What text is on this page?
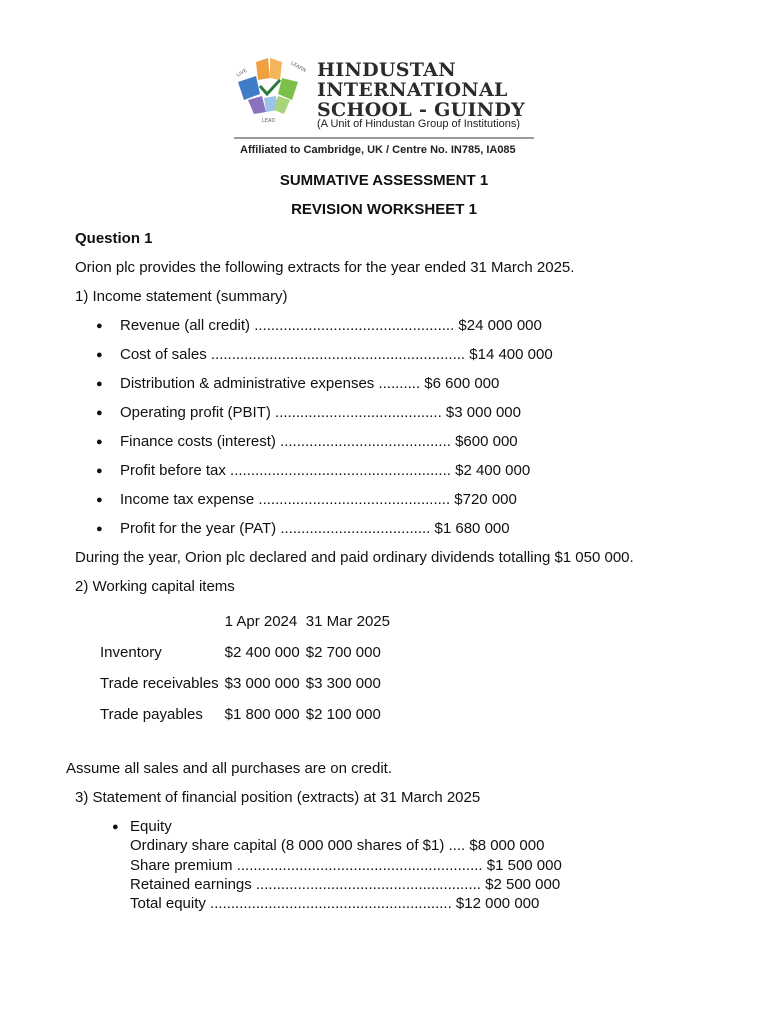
LIVE	LEARN
LEAD
HINDUSTAN
INTERNATIONAL
SCHOOL - GUINDY
(A Unit of Hindustan Group of Institutions)
Affiliated to Cambridge, UK / Centre No. IN785, IA085
SUMMATIVE ASSESSMENT 1
REVISION WORKSHEET 1
Question 1
Orion plc provides the following extracts for the year ended 31 March 2025.
1) Income statement (summary)
● Revenue (all credit) ................................................ $24 000 000
● Cost of sales ............................................................. $14 400 000
● Distribution & administrative expenses .......... $6 600 000
● Operating profit (PBIT) ........................................ $3 000 000
● Finance costs (interest) ......................................... $600 000
● Profit before tax ..................................................... $2 400 000
● Income tax expense .............................................. $720 000
● Profit for the year (PAT) .................................... $1 680 000
During the year, Orion plc declared and paid ordinary dividends totalling $1 050 000.
2) Working capital items
	1 Apr 2024	31 Mar 2025
Inventory	$2 400 000	$2 700 000
Trade receivables	$3 000 000	$3 300 000
Trade payables	$1 800 000	$2 100 000
Assume all sales and all purchases are on credit.
3) Statement of financial position (extracts) at 31 March 2025
● Equity
Ordinary share capital (8 000 000 shares of $1) .... $8 000 000
Share premium ........................................................... $1 500 000
Retained earnings ...................................................... $2 500 000
Total equity .......................................................... $12 000 000
